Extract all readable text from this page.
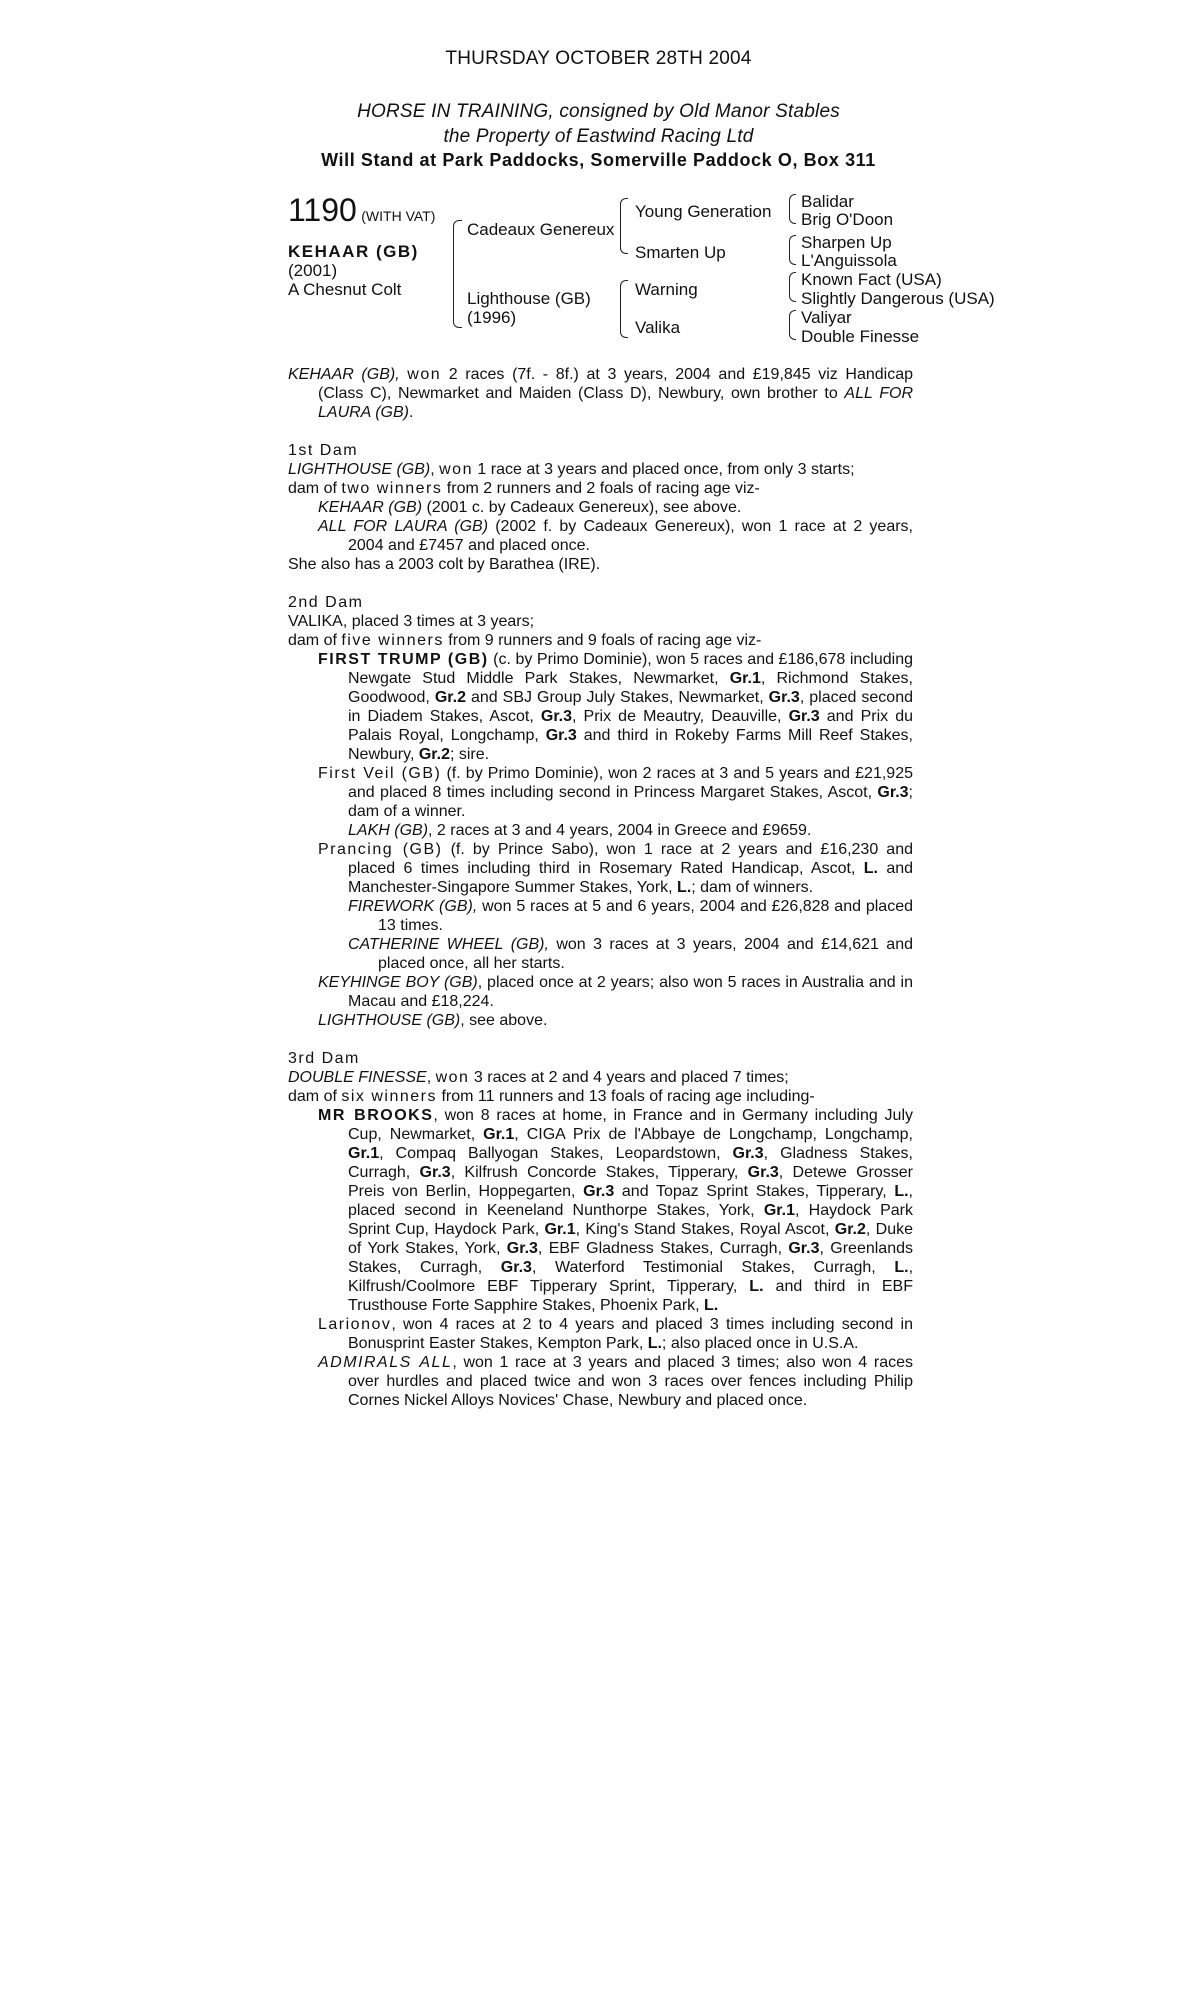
THURSDAY OCTOBER 28TH 2004
HORSE IN TRAINING, consigned by Old Manor Stables
the Property of Eastwind Racing Ltd
Will Stand at Park Paddocks, Somerville Paddock O, Box 311
1190 (WITH VAT)
KEHAAR (GB)
(2001)
A Chesnut Colt
Cadeaux Genereux
Lighthouse (GB)
(1996)
Young Generation
Smarten Up
Warning
Valika
Balidar
Brig O'Doon
Sharpen Up
L'Anguissola
Known Fact (USA)
Slightly Dangerous (USA)
Valiyar
Double Finesse

KEHAAR (GB), won 2 races (7f. - 8f.) at 3 years, 2004 and £19,845 viz Handicap (Class C), Newmarket and Maiden (Class D), Newbury, own brother to ALL FOR LAURA (GB).

1st Dam

LIGHTHOUSE (GB), won 1 race at 3 years and placed once, from only 3 starts;

dam of two winners from 2 runners and 2 foals of racing age viz-

KEHAAR (GB) (2001 c. by Cadeaux Genereux), see above.

ALL FOR LAURA (GB) (2002 f. by Cadeaux Genereux), won 1 race at 2 years, 2004 and £7457 and placed once.

She also has a 2003 colt by Barathea (IRE).

2nd Dam

VALIKA, placed 3 times at 3 years;

dam of five winners from 9 runners and 9 foals of racing age viz-

FIRST TRUMP (GB) (c. by Primo Dominie), won 5 races and £186,678 including Newgate Stud Middle Park Stakes, Newmarket, Gr.1, Richmond Stakes, Goodwood, Gr.2 and SBJ Group July Stakes, Newmarket, Gr.3, placed second in Diadem Stakes, Ascot, Gr.3, Prix de Meautry, Deauville, Gr.3 and Prix du Palais Royal, Longchamp, Gr.3 and third in Rokeby Farms Mill Reef Stakes, Newbury, Gr.2; sire.

First Veil (GB) (f. by Primo Dominie), won 2 races at 3 and 5 years and £21,925 and placed 8 times including second in Princess Margaret Stakes, Ascot, Gr.3; dam of a winner.

LAKH (GB), 2 races at 3 and 4 years, 2004 in Greece and £9659.

Prancing (GB) (f. by Prince Sabo), won 1 race at 2 years and £16,230 and placed 6 times including third in Rosemary Rated Handicap, Ascot, L. and Manchester-Singapore Summer Stakes, York, L.; dam of winners.

FIREWORK (GB), won 5 races at 5 and 6 years, 2004 and £26,828 and placed 13 times.

CATHERINE WHEEL (GB), won 3 races at 3 years, 2004 and £14,621 and placed once, all her starts.

KEYHINGE BOY (GB), placed once at 2 years; also won 5 races in Australia and in Macau and £18,224.

LIGHTHOUSE (GB), see above.

3rd Dam

DOUBLE FINESSE, won 3 races at 2 and 4 years and placed 7 times;

dam of six winners from 11 runners and 13 foals of racing age including-

MR BROOKS, won 8 races at home, in France and in Germany including July Cup, Newmarket, Gr.1, CIGA Prix de l'Abbaye de Longchamp, Longchamp, Gr.1, Compaq Ballyogan Stakes, Leopardstown, Gr.3, Gladness Stakes, Curragh, Gr.3, Kilfrush Concorde Stakes, Tipperary, Gr.3, Detewe Grosser Preis von Berlin, Hoppegarten, Gr.3 and Topaz Sprint Stakes, Tipperary, L., placed second in Keeneland Nunthorpe Stakes, York, Gr.1, Haydock Park Sprint Cup, Haydock Park, Gr.1, King's Stand Stakes, Royal Ascot, Gr.2, Duke of York Stakes, York, Gr.3, EBF Gladness Stakes, Curragh, Gr.3, Greenlands Stakes, Curragh, Gr.3, Waterford Testimonial Stakes, Curragh, L., Kilfrush/Coolmore EBF Tipperary Sprint, Tipperary, L. and third in EBF Trusthouse Forte Sapphire Stakes, Phoenix Park, L.

Larionov, won 4 races at 2 to 4 years and placed 3 times including second in Bonusprint Easter Stakes, Kempton Park, L.; also placed once in U.S.A.

ADMIRALS ALL, won 1 race at 3 years and placed 3 times; also won 4 races over hurdles and placed twice and won 3 races over fences including Philip Cornes Nickel Alloys Novices' Chase, Newbury and placed once.
